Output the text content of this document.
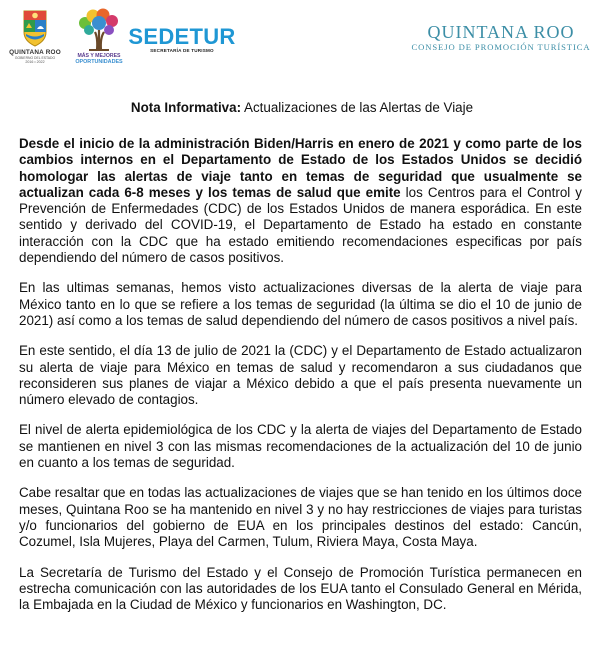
QUINTANA ROO
GOBIERNO DEL ESTADO
2016 • 2022
MÁS Y MEJORES
OPORTUNIDADES
SEDETUR
SECRETARÍA DE TURISMO
QUINTANA ROO
CONSEJO DE PROMOCIÓN TURÍSTICA
Nota Informativa: Actualizaciones de las Alertas de Viaje

Desde el inicio de la administración Biden/Harris en enero de 2021 y como parte de los cambios internos en el Departamento de Estado de los Estados Unidos se decidió homologar las alertas de viaje tanto en temas de seguridad que usualmente se actualizan cada 6-8 meses y los temas de salud que emite los Centros para el Control y Prevención de Enfermedades (CDC) de los Estados Unidos de manera esporádica. En este sentido y derivado del COVID-19, el Departamento de Estado ha estado en constante interacción con la CDC que ha estado emitiendo recomendaciones especificas por país dependiendo del número de casos positivos.

En las ultimas semanas, hemos visto actualizaciones diversas de la alerta de viaje para México tanto en lo que se refiere a los temas de seguridad (la última se dio el 10 de junio de 2021) así como a los temas de salud dependiendo del número de casos positivos a nivel país.

En este sentido, el día 13 de julio de 2021 la (CDC) y el Departamento de Estado actualizaron su alerta de viaje para México en temas de salud y recomendaron a sus ciudadanos que reconsideren sus planes de viajar a México debido a que el país presenta nuevamente un número elevado de contagios.

El nivel de alerta epidemiológica de los CDC y la alerta de viajes del Departamento de Estado se mantienen en nivel 3 con las mismas recomendaciones de la actualización del 10 de junio en cuanto a los temas de seguridad.

Cabe resaltar que en todas las actualizaciones de viajes que se han tenido en los últimos doce meses, Quintana Roo se ha mantenido en nivel 3 y no hay restricciones de viajes para turistas y/o funcionarios del gobierno de EUA en los principales destinos del estado: Cancún, Cozumel, Isla Mujeres, Playa del Carmen, Tulum, Riviera Maya, Costa Maya.

La Secretaría de Turismo del Estado y el Consejo de Promoción Turística permanecen en estrecha comunicación con las autoridades de los EUA tanto el Consulado General en Mérida, la Embajada en la Ciudad de México y funcionarios en Washington, DC.
